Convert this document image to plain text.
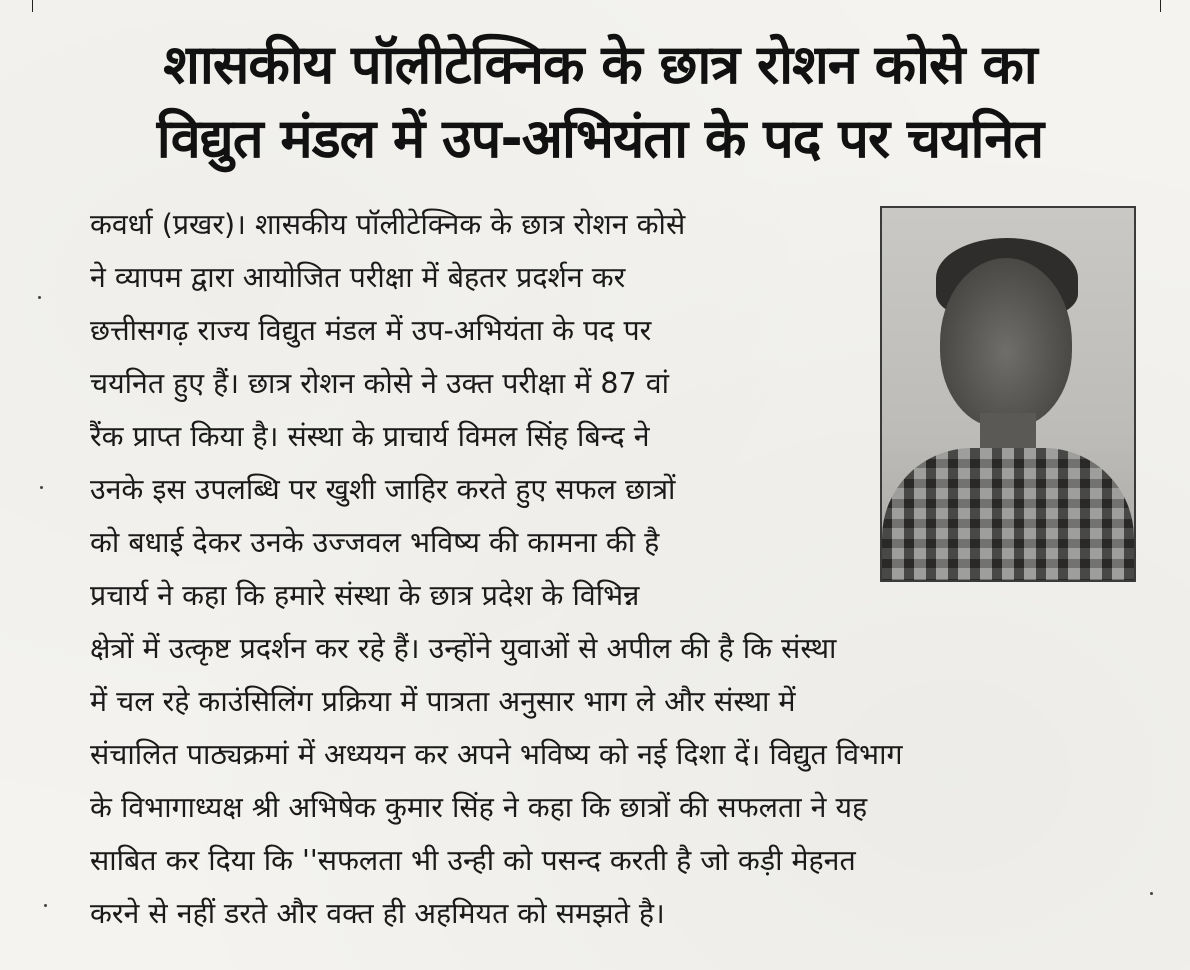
शासकीय पॉलीटेक्निक के छात्र रोशन कोसे का
विद्युत मंडल में उप-अभियंता के पद पर चयनित
कवर्धा (प्रखर)। शासकीय पॉलीटेक्निक के छात्र रोशन कोसे
ने व्यापम द्वारा आयोजित परीक्षा में बेहतर प्रदर्शन कर
छत्तीसगढ़ राज्य विद्युत मंडल में उप-अभियंता के पद पर
चयनित हुए हैं। छात्र रोशन कोसे ने उक्त परीक्षा में 87 वां
रैंक प्राप्त किया है। संस्था के प्राचार्य विमल सिंह बिन्द ने
उनके इस उपलब्धि पर खुशी जाहिर करते हुए सफल छात्रों
को बधाई देकर उनके उज्जवल भविष्य की कामना की है
प्रचार्य ने कहा कि हमारे संस्था के छात्र प्रदेश के विभिन्न
क्षेत्रों में उत्कृष्ट प्रदर्शन कर रहे हैं। उन्होंने युवाओं से अपील की है कि संस्था
में चल रहे काउंसिलिंग प्रक्रिया में पात्रता अनुसार भाग ले और संस्था में
संचालित पाठ्यक्रमां में अध्ययन कर अपने भविष्य को नई दिशा दें। विद्युत विभाग
के विभागाध्यक्ष श्री अभिषेक कुमार सिंह ने कहा कि छात्रों की सफलता ने यह
साबित कर दिया कि ''सफलता भी उन्ही को पसन्द करती है जो कड़ी मेहनत
करने से नहीं डरते और वक्त ही अहमियत को समझते है।
